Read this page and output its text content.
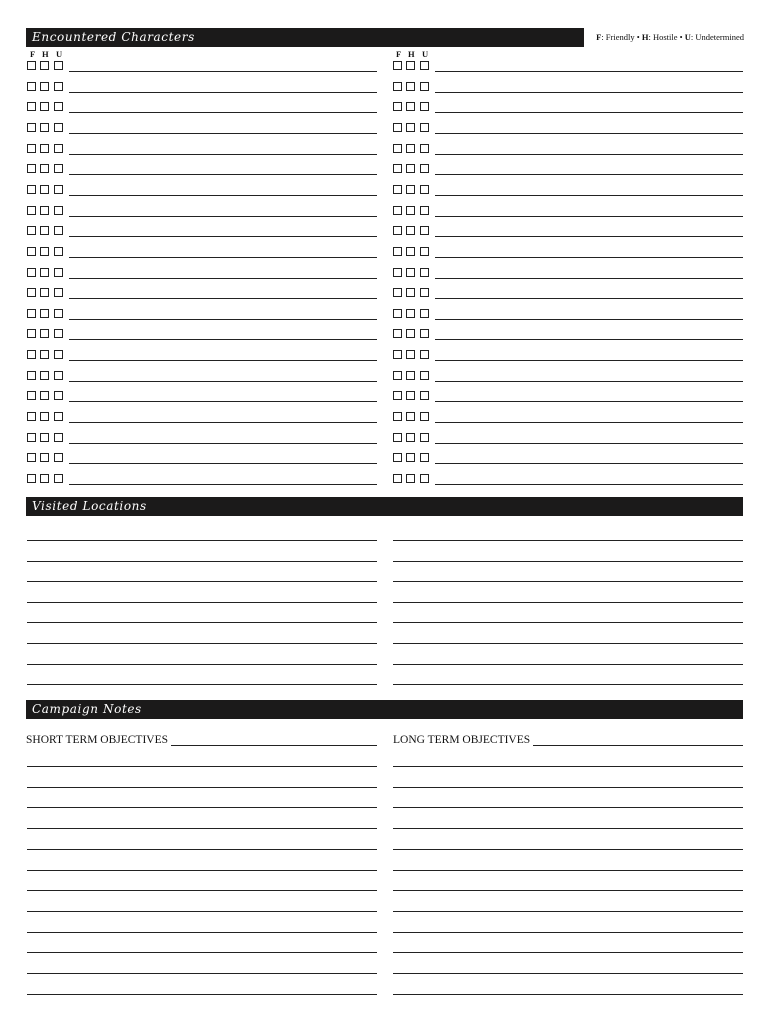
Encountered Characters	F: Friendly • H: Hostile • U: Undetermined
F H U	F H U
Visited Locations
Campaign Notes
SHORT TERM OBJECTIVES	LONG TERM OBJECTIVES
